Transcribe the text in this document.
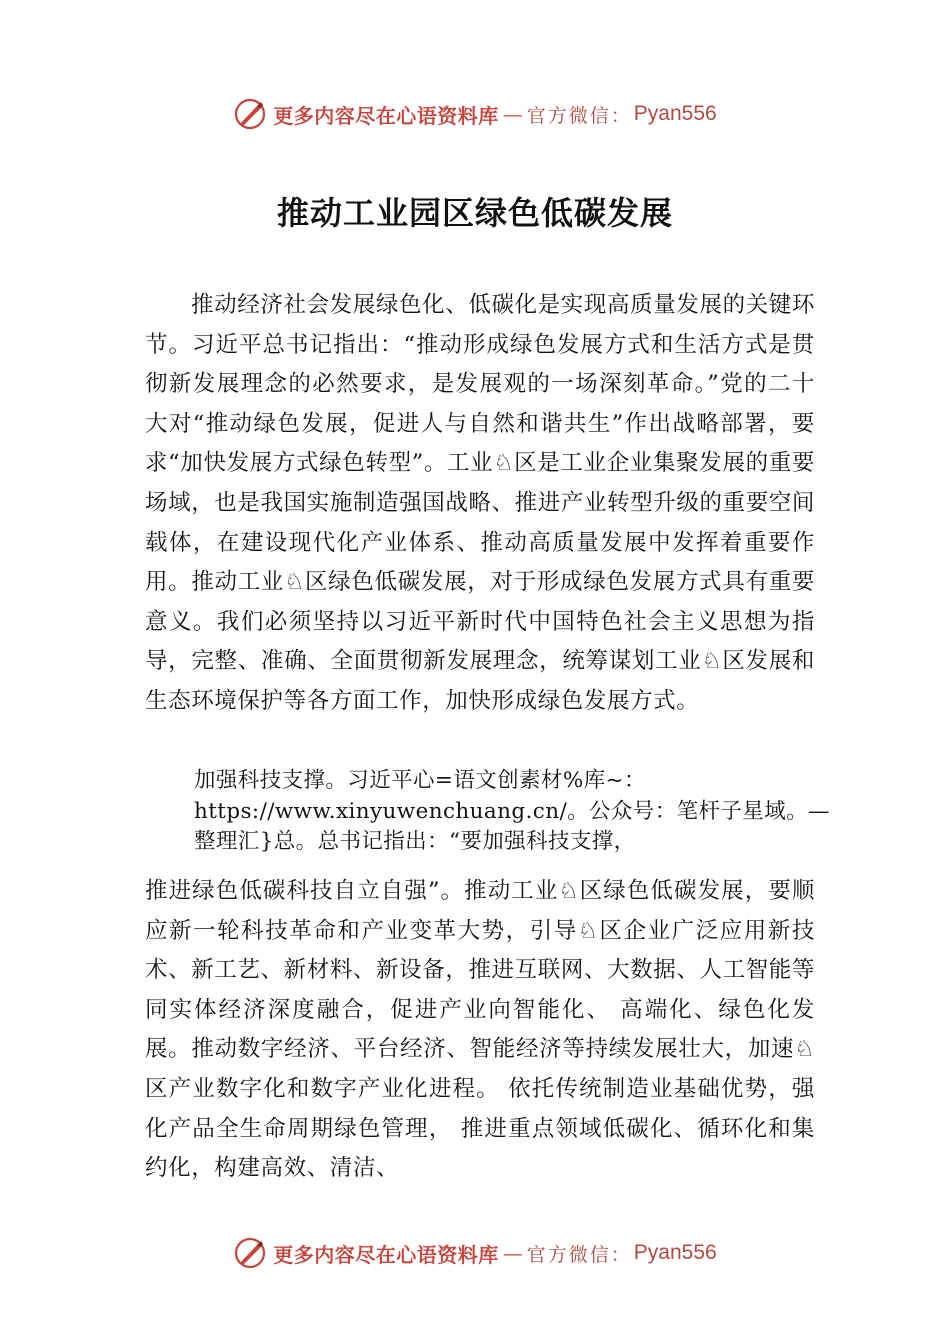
更多内容尽在心语资料库 — 官方微信： Pyan556
推动工业园区绿色低碳发展
推动经济社会发展绿色化、低碳化是实现高质量发展的关键环节。习近平总书记指出：“推动形成绿色发展方式和生活方式是贯彻新发展理念的必然要求，是发展观的一场深刻革命。”党的二十大对“推动绿色发展，促进人与自然和谐共生”作出战略部署，要求“加快发展方式绿色转型”。工业♘区是工业企业集聚发展的重要场域，也是我国实施制造强国战略、推进产业转型升级的重要空间载体，在建设现代化产业体系、推动高质量发展中发挥着重要作用。推动工业♘区绿色低碳发展，对于形成绿色发展方式具有重要意义。我们必须坚持以习近平新时代中国特色社会主义思想为指导，完整、准确、全面贯彻新发展理念，统筹谋划工业♘区发展和生态环境保护等各方面工作，加快形成绿色发展方式。
加强科技支撑。习近平心=语文创素材%库~：https://www.xinyuwenchuang.cn/。公众号：笔杆子星域。—整理汇}总。总书记指出：“要加强科技支撑，
推进绿色低碳科技自立自强”。推动工业♘区绿色低碳发展，要顺应新一轮科技革命和产业变革大势，引导♘区企业广泛应用新技术、新工艺、新材料、新设备，推进互联网、大数据、人工智能等同实体经济深度融合，促进产业向智能化、 高端化、绿色化发展。推动数字经济、平台经济、智能经济等持续发展壮大，加速♘区产业数字化和数字产业化进程。 依托传统制造业基础优势，强化产品全生命周期绿色管理， 推进重点领域低碳化、循环化和集约化，构建高效、清洁、
更多内容尽在心语资料库 — 官方微信： Pyan556
